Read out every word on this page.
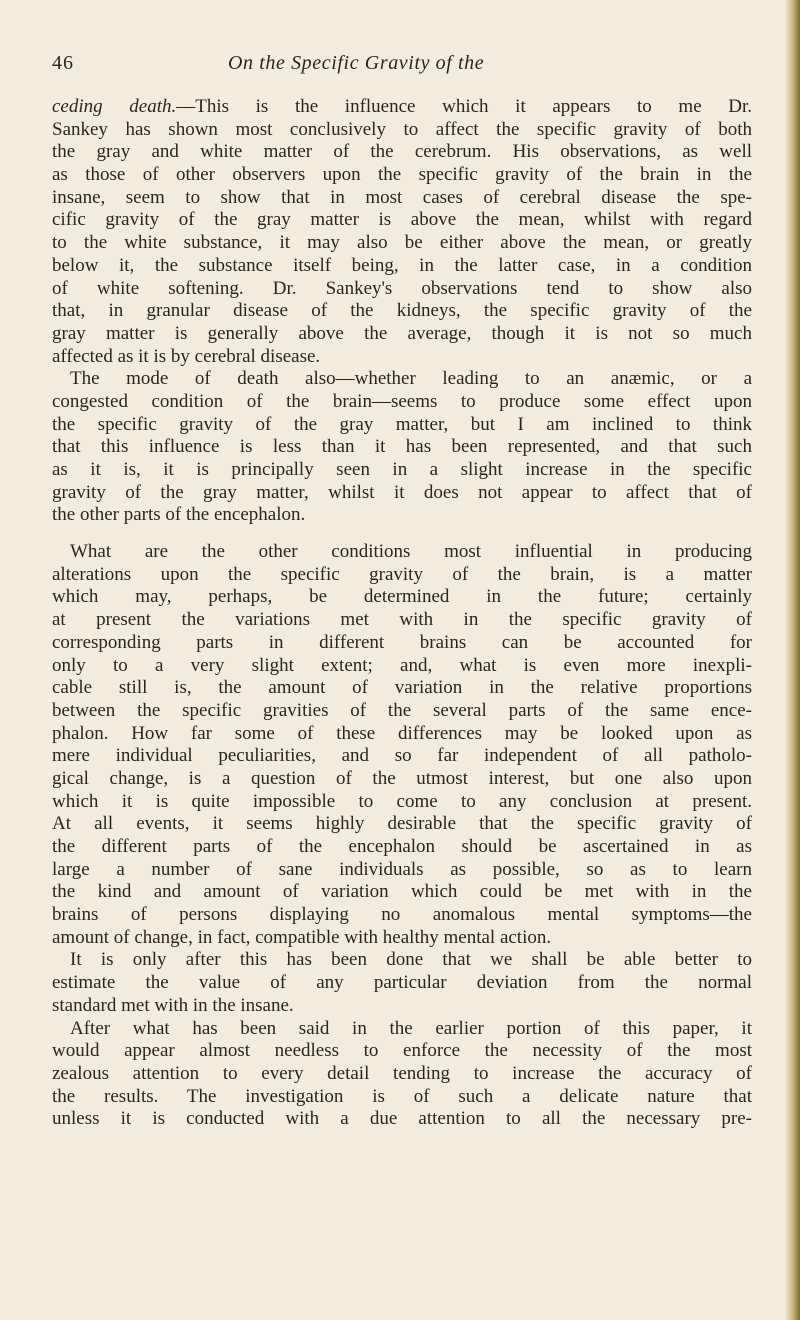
46	On the Specific Gravity of the
ceding death.—This is the influence which it appears to me Dr.
Sankey has shown most conclusively to affect the specific gravity of both
the gray and white matter of the cerebrum. His observations, as well
as those of other observers upon the specific gravity of the brain in the
insane, seem to show that in most cases of cerebral disease the spe-
cific gravity of the gray matter is above the mean, whilst with regard
to the white substance, it may also be either above the mean, or greatly
below it, the substance itself being, in the latter case, in a condition
of white softening. Dr. Sankey's observations tend to show also
that, in granular disease of the kidneys, the specific gravity of the
gray matter is generally above the average, though it is not so much
affected as it is by cerebral disease.
The mode of death also—whether leading to an anæmic, or a
congested condition of the brain—seems to produce some effect upon
the specific gravity of the gray matter, but I am inclined to think
that this influence is less than it has been represented, and that such
as it is, it is principally seen in a slight increase in the specific
gravity of the gray matter, whilst it does not appear to affect that of
the other parts of the encephalon.
What are the other conditions most influential in producing
alterations upon the specific gravity of the brain, is a matter
which may, perhaps, be determined in the future; certainly
at present the variations met with in the specific gravity of
corresponding parts in different brains can be accounted for
only to a very slight extent; and, what is even more inexpli-
cable still is, the amount of variation in the relative proportions
between the specific gravities of the several parts of the same ence-
phalon. How far some of these differences may be looked upon as
mere individual peculiarities, and so far independent of all patholo-
gical change, is a question of the utmost interest, but one also upon
which it is quite impossible to come to any conclusion at present.
At all events, it seems highly desirable that the specific gravity of
the different parts of the encephalon should be ascertained in as
large a number of sane individuals as possible, so as to learn
the kind and amount of variation which could be met with in the
brains of persons displaying no anomalous mental symptoms—the
amount of change, in fact, compatible with healthy mental action.
It is only after this has been done that we shall be able better to
estimate the value of any particular deviation from the normal
standard met with in the insane.
After what has been said in the earlier portion of this paper, it
would appear almost needless to enforce the necessity of the most
zealous attention to every detail tending to increase the accuracy of
the results. The investigation is of such a delicate nature that
unless it is conducted with a due attention to all the necessary pre-
